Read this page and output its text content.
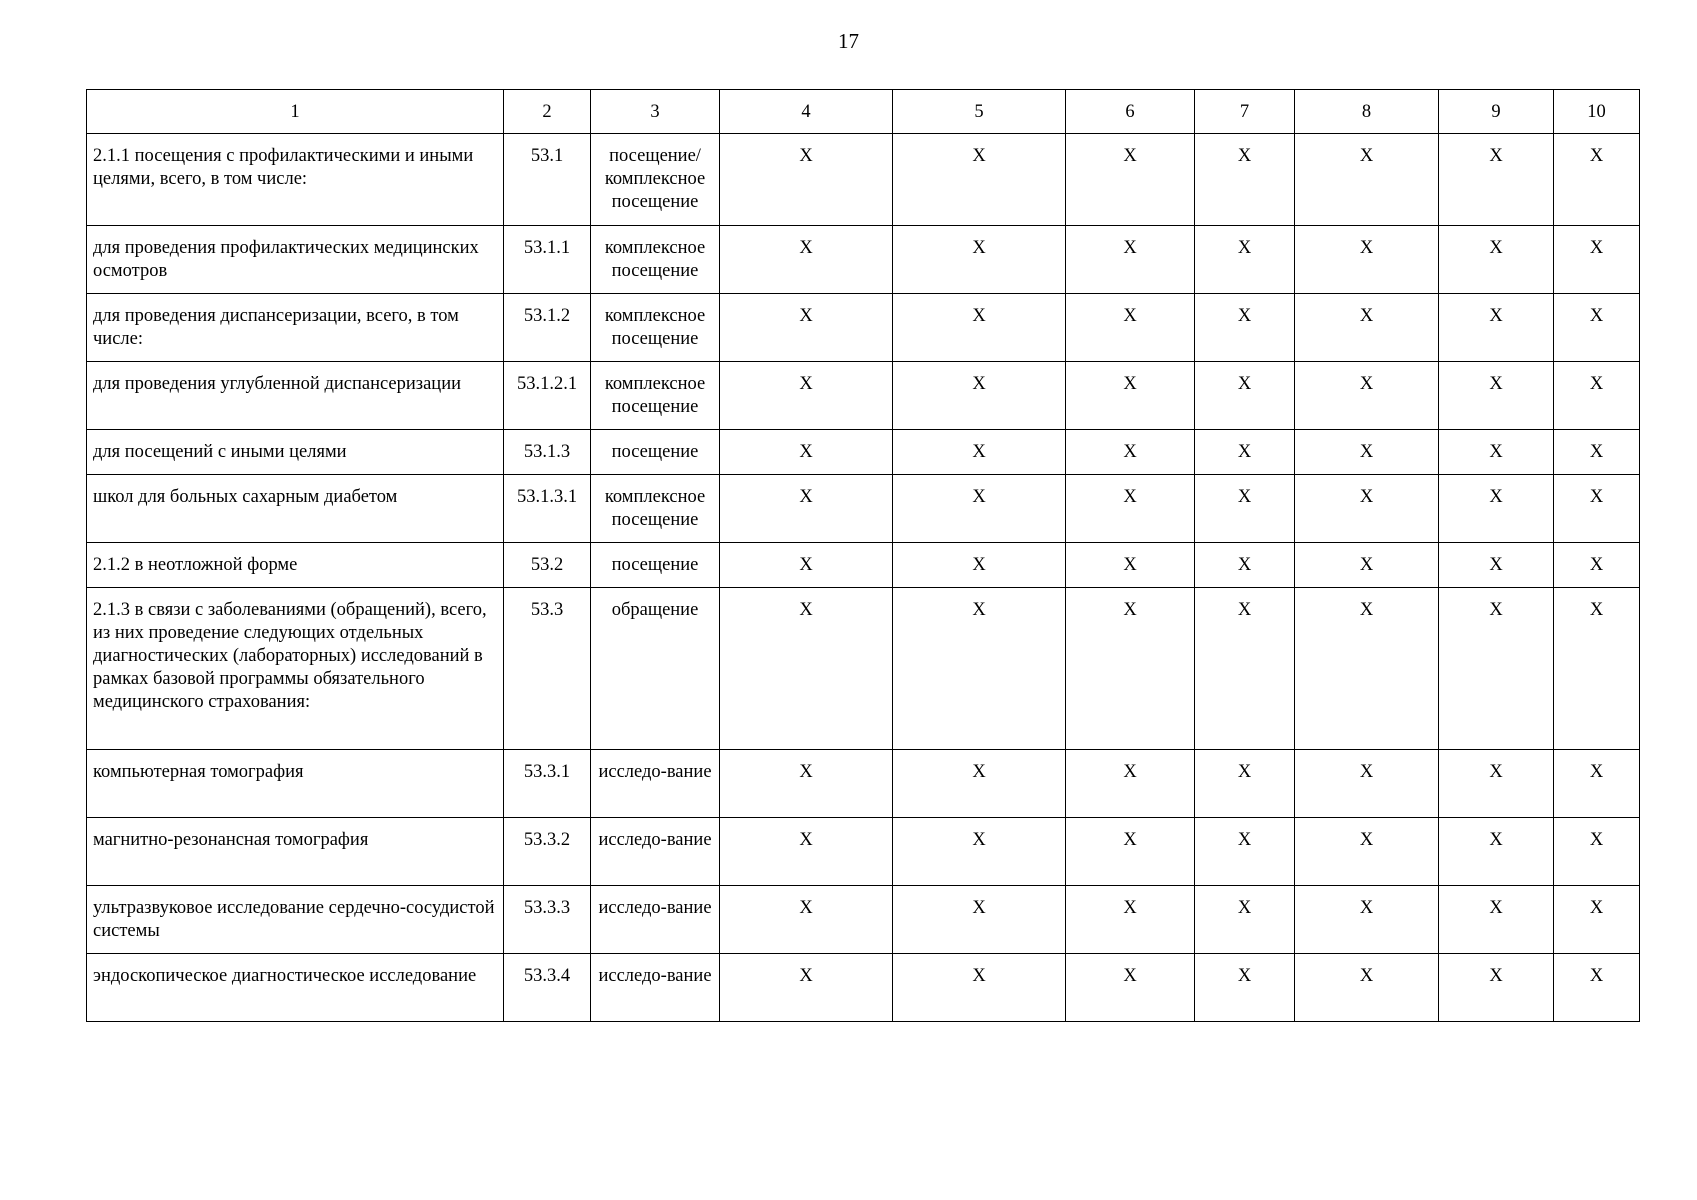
17
1	2	3	4	5	6	7	8	9	10
2.1.1 посещения с профилактическими и иными целями, всего, в том числе:	53.1	посещение/ комплексное посещение	X	X	X	X	X	X	X
для проведения профилактических медицинских осмотров	53.1.1	комплексное посещение	X	X	X	X	X	X	X
для проведения диспансеризации, всего, в том числе:	53.1.2	комплексное посещение	X	X	X	X	X	X	X
для проведения углубленной диспансеризации	53.1.2.1	комплексное посещение	X	X	X	X	X	X	X
для посещений с иными целями	53.1.3	посещение	X	X	X	X	X	X	X
школ для больных сахарным диабетом	53.1.3.1	комплексное посещение	X	X	X	X	X	X	X
2.1.2 в неотложной форме	53.2	посещение	X	X	X	X	X	X	X
2.1.3 в связи с заболеваниями (обращений), всего, из них проведение следующих отдельных диагностических (лабораторных) исследований в рамках базовой программы обязательного медицинского страхования:	53.3	обращение	X	X	X	X	X	X	X
компьютерная томография	53.3.1	исследо-вание	X	X	X	X	X	X	X
магнитно-резонансная томография	53.3.2	исследо-вание	X	X	X	X	X	X	X
ультразвуковое исследование сердечно-сосудистой системы	53.3.3	исследо-вание	X	X	X	X	X	X	X
эндоскопическое диагностическое исследование	53.3.4	исследо-вание	X	X	X	X	X	X	X
